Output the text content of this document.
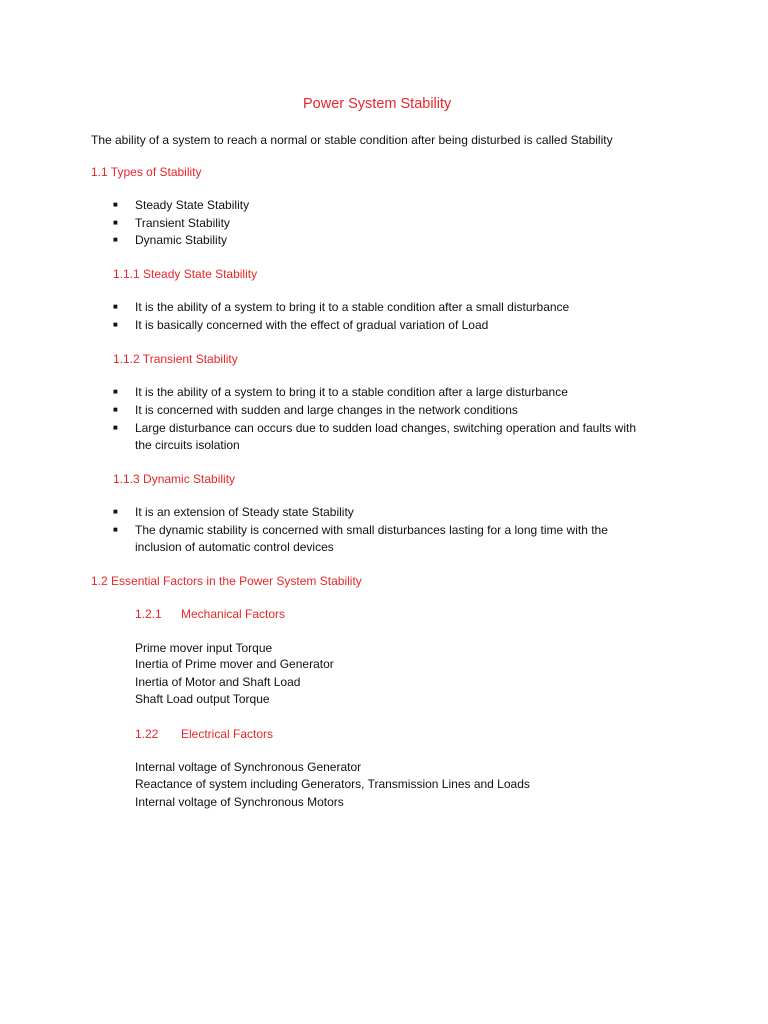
Power System Stability
The ability of a system to reach a normal or stable condition after being disturbed is called Stability
1.1 Types of Stability
■ Steady State Stability
■ Transient Stability
■ Dynamic Stability
1.1.1 Steady State Stability
■ It is the ability of a system to bring it to a stable condition after a small disturbance
■ It is basically concerned with the effect of gradual variation of Load
1.1.2 Transient Stability
■ It is the ability of a system to bring it to a stable condition after a large disturbance
■ It is concerned with sudden and large changes in the network conditions
■ Large disturbance can occurs due to sudden load changes, switching operation and faults with
the circuits isolation
1.1.3 Dynamic Stability
■ It is an extension of Steady state Stability
■ The dynamic stability is concerned with small disturbances lasting for a long time with the
inclusion of automatic control devices
1.2 Essential Factors in the Power System Stability
1.2.1 Mechanical Factors
Prime mover input Torque
Inertia of Prime mover and Generator
Inertia of Motor and Shaft Load
Shaft Load output Torque
1.22 Electrical Factors
Internal voltage of Synchronous Generator
Reactance of system including Generators, Transmission Lines and Loads
Internal voltage of Synchronous Motors
